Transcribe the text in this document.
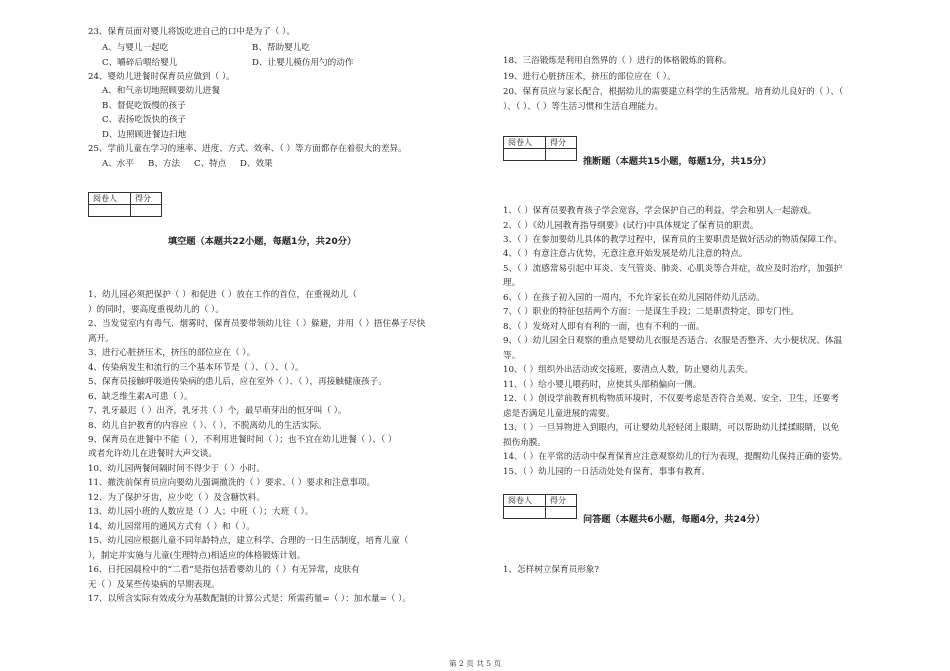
23、保育员面对婴儿将饭吃进自己的口中是为了（ ）。
A、与婴儿一起吃	B、帮助婴儿吃
C、嚼碎后喂给婴儿	D、让婴儿模仿用勺的动作
24、婴幼儿进餐时保育员应做到（ ）。
A、和气亲切地照顾要幼儿进餐
B、督促吃饭慢的孩子
C、表扬吃饭快的孩子
D、边照顾进餐边扫地
25、学前儿童在学习的速率、进度、方式、效率、（ ）等方面都存在着很大的差异。
A、水平 B、方法 C、特点 D、效果
阅卷人	得分

填空题（本题共22小题，每题1分，共20分）
1、幼儿园必须把保护（ ）和促进（ ）放在工作的首位，在重视幼儿（
）的同时，要高度重视幼儿的（ ）。
2、当发觉室内有毒气、烟雾时，保育员要带领幼儿往（ ）躲避，并用（ ）捂住鼻子尽快
离开。
3、进行心脏挤压术，挤压的部位应在（ ）。
4、传染病发生和流行的三个基本环节是（ ）、（ ）、（ ）。
5、保育员接触呼吸道传染病的患儿后，应在室外（ ）、（ ），再接触健康孩子。
6、缺乏维生素A可患（ ）。
7、乳牙最迟（ ）出齐，乳牙共（ ）个，最早萌芽出的恒牙叫（ ）。
8、幼儿自护教育的内容应（ ）、（ ），不脱离幼儿的生活实际。
9、保育员在进餐中不能（ ），不利用进餐时间（ ）；也不宜在幼儿进餐（ ）、（ ）
或者允许幼儿在进餐时大声交谈。
10、幼儿园两餐间隔时间不得少于（ ）小时。
11、撤洗前保育员应向要幼儿强调撤洗的（ ）要求、（ ）要求和注意事项。
12、为了保护牙齿，应少吃（ ）及含糖饮料。
13、幼儿园小班的人数应是（ ）人；中班（ ）；大班（ ）。
14、幼儿园常用的通风方式有（ ）和（ ）。
15、幼儿园应根据儿童不同年龄特点，建立科学、合理的一日生活制度，培育儿童（
），制定并实施与儿童(生理特点)相适应的体格锻炼计划。
16、日托园晨检中的“二看”是指包括看婴幼儿的（ ）有无异常，皮肤有
无（ ）及某些传染病的早期表现。
17、以所含实际有效成分为基数配制的计算公式是：所需药量=（ ）：加水量=（ ）。
18、三浴锻炼是利用自然界的（ ）进行的体格锻炼的简称。
19、进行心脏挤压术，挤压的部位应在（ ）。
20、保育员应与家长配合，根据幼儿的需要建立科学的生活常规。培育幼儿良好的（ ）、（
）、（ ）、（ ）等生活习惯和生活自理能力。
阅卷人	得分

推断题（本题共15小题，每题1分，共15分）
1、（ ）保育员要教育孩子学会宽容，学会保护自己的利益，学会和别人一起游戏。
2、（ ）《幼儿园教育指导纲要》(试行)中具体规定了保育员的职责。
3、（ ）在参加要幼儿具体的教学过程中，保育员的主要职责是做好活动的物质保障工作。
4、（ ）有意注意占优势，无意注意开始发展是幼儿注意的特点。
5、（ ）流感常易引起中耳炎、支气管炎、肺炎、心肌炎等合并症，故应及时治疗，加强护
理。
6、（ ）在孩子初入园的一周内，不允许家长在幼儿园陪伴幼儿活动。
7、（ ）职业的特征包括两个方面：一是谋生手段；二是职责特定，即专门性。
8、（ ）发烧对人即有有利的一面，也有不利的一面。
9、（ ）幼儿园全日观察的重点是婴幼儿衣服是否适合、衣服是否整齐、大小便状况、体温
等。
10、（ ）组织外出活动或交接班，要清点人数，防止婴幼儿丢失。
11、（ ）给小婴儿喂药时，应使其头部稍偏向一侧。
12、（ ）创设学前教育机构物质环境时，不仅要考虑是否符合美观、安全、卫生，还要考
虑是否满足儿童进展的需要。
13、（ ）一旦异物进入到眼内，可让婴幼儿轻轻闭上眼睛，可以帮助幼儿揉揉眼睛，以免
损伤角膜。
14、（ ）在平常的活动中保育保育应注意观察幼儿的行为表现，提醒幼儿保持正确的姿势。
15、（ ）幼儿园的一日活动处处有保育，事事有教育。
阅卷人	得分

问答题（本题共6小题，每题4分，共24分）
1、怎样树立保育员形象?
第 2 页 共 5 页
